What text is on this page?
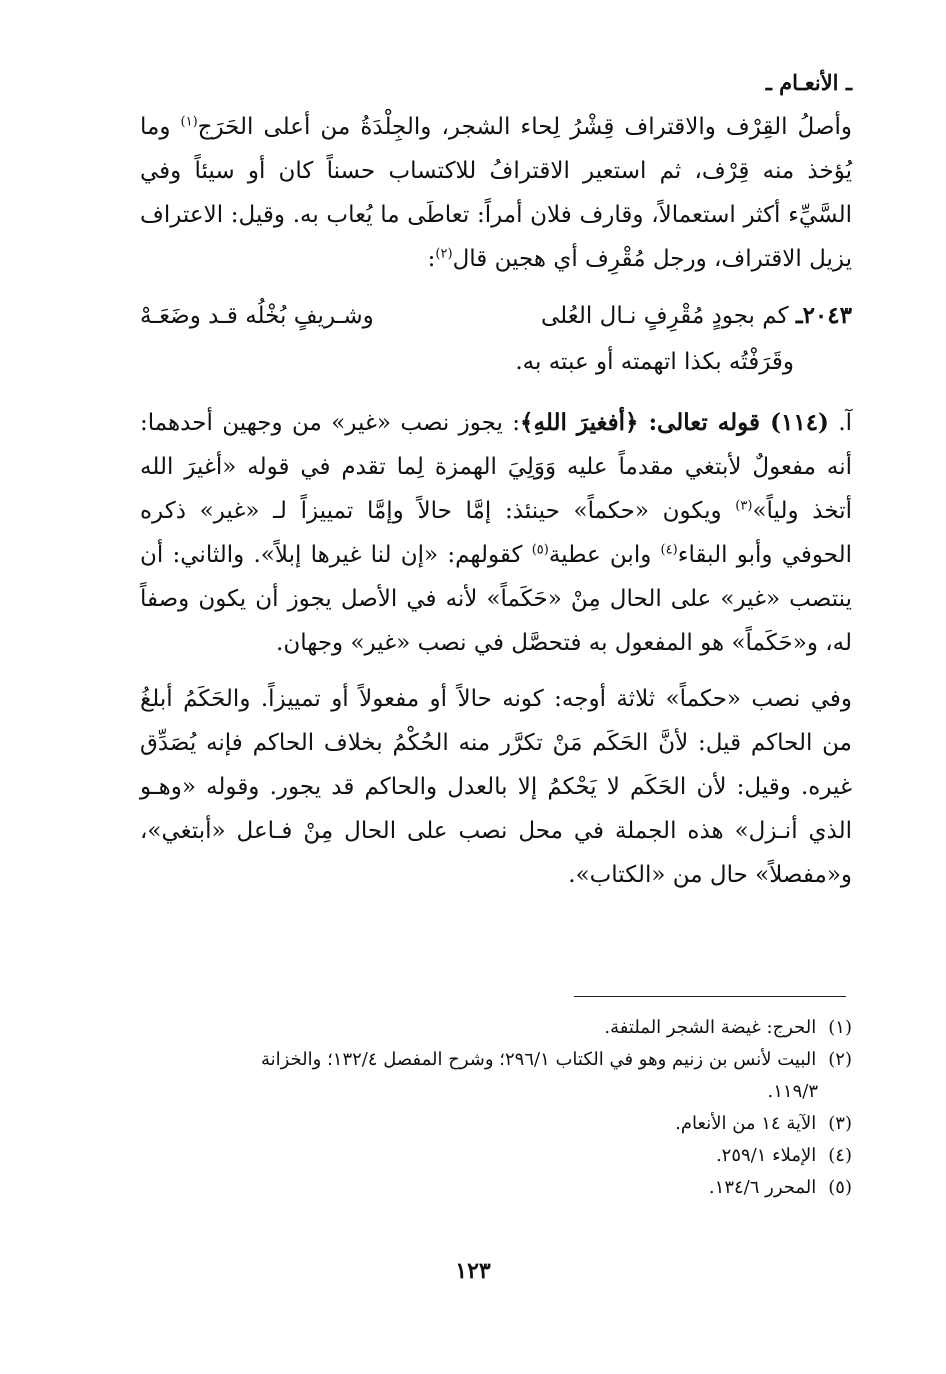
ـ الأنعـام ـ

وأصلُ القِرْف والاقتراف قِشْرُ لِحاء الشجر، والجِلْدَةُ من أعلى الحَرَج$^{(١)}$ وما يُؤخذ منه قِرْف، ثم استعير الاقترافُ للاكتساب حسناً كان أو سيئاً وفي السَّيِّء أكثر استعمالاً، وقارف فلان أمراً: تعاطَى ما يُعاب به. وقيل: الاعتراف يزيل الاقتراف، ورجل مُقْرِف أي هجين قال$^{(٢)}$:

٢٠٤٣ـ كم بجودٍ مُقْرِفٍ نـال العُلى
وشـريفٍ بُخْلُه قـد وضَعَـهْ
وقَرَفْتُه بكذا اتهمته أو عبته به.

آ. (١١٤) قوله تعالى: ﴿أفغيرَ اللهِ﴾: يجوز نصب «غير» من وجهين أحدهما: أنه مفعولٌ لأبتغي مقدماً عليه وَوَلِيَ الهمزة لِما تقدم في قوله «أغيرَ الله أتخذ ولياً»$^{(٣)}$ ويكون «حكماً» حينئذ: إمَّا حالاً وإمَّا تمييزاً لـ «غير» ذكره الحوفي وأبو البقاء$^{(٤)}$ وابن عطية$^{(٥)}$ كقولهم: «إن لنا غيرها إبلاً». والثاني: أن ينتصب «غير» على الحال مِنْ «حَكَماً» لأنه في الأصل يجوز أن يكون وصفاً له، و«حَكَماً» هو المفعول به فتحصَّل في نصب «غير» وجهان.

وفي نصب «حكماً» ثلاثة أوجه: كونه حالاً أو مفعولاً أو تمييزاً. والحَكَمُ أبلغُ من الحاكم قيل: لأنَّ الحَكَم مَنْ تكرَّر منه الحُكْمُ بخلاف الحاكم فإنه يُصَدِّق غيره. وقيل: لأن الحَكَم لا يَحْكمُ إلا بالعدل والحاكم قد يجور. وقوله «وهـو الذي أنـزل» هذه الجملة في محل نصب على الحال مِنْ فـاعل «أبتغي»، و«مفصلاً» حال من «الكتاب».

(١) الحرج: غيضة الشجر الملتفة.

(٢) البيت لأنس بن زنيم وهو في الكتاب ٢٩٦/١؛ وشرح المفصل ١٣٢/٤؛ والخزانة

١١٩/٣.

(٣) الآية ١٤ من الأنعام.

(٤) الإملاء ٢٥٩/١.

(٥) المحرر ١٣٤/٦.

١٢٣
